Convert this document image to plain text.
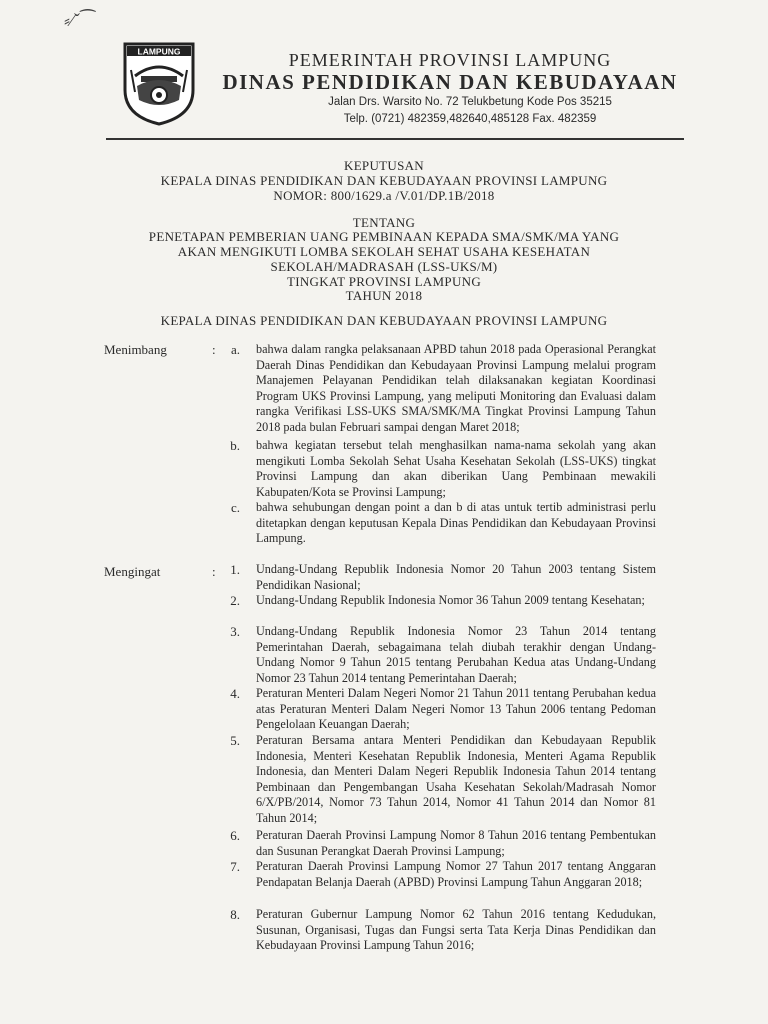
⸗ ⁄ ˇ ⁀
LAMPUNG	PEMERINTAH PROVINSI LAMPUNG
DINAS PENDIDIKAN DAN KEBUDAYAAN
Jalan Drs. Warsito No. 72 Telukbetung Kode Pos 35215
Telp. (0721) 482359,482640,485128 Fax. 482359
KEPUTUSAN
KEPALA DINAS PENDIDIKAN DAN KEBUDAYAAN PROVINSI LAMPUNG
NOMOR: 800/1629.a /V.01/DP.1B/2018
TENTANG
PENETAPAN PEMBERIAN UANG PEMBINAAN KEPADA SMA/SMK/MA YANG
AKAN MENGIKUTI LOMBA SEKOLAH SEHAT USAHA KESEHATAN
SEKOLAH/MADRASAH (LSS-UKS/M)
TINGKAT PROVINSI LAMPUNG
TAHUN 2018
KEPALA DINAS PENDIDIKAN DAN KEBUDAYAAN PROVINSI LAMPUNG
Menimbang	:	a. bahwa dalam rangka pelaksanaan APBD tahun 2018 pada Operasional Perangkat Daerah Dinas Pendidikan dan Kebudayaan Provinsi Lampung melalui program Manajemen Pelayanan Pendidikan telah dilaksanakan kegiatan Koordinasi Program UKS Provinsi Lampung, yang meliputi Monitoring dan Evaluasi dalam rangka Verifikasi LSS-UKS SMA/SMK/MA Tingkat Provinsi Lampung Tahun 2018 pada bulan Februari sampai dengan Maret 2018;
b. bahwa kegiatan tersebut telah menghasilkan nama-nama sekolah yang akan mengikuti Lomba Sekolah Sehat Usaha Kesehatan Sekolah (LSS-UKS) tingkat Provinsi Lampung dan akan diberikan Uang Pembinaan mewakili Kabupaten/Kota se Provinsi Lampung;
c. bahwa sehubungan dengan point a dan b di atas untuk tertib administrasi perlu ditetapkan dengan keputusan Kepala Dinas Pendidikan dan Kebudayaan Provinsi Lampung.
Mengingat	:	1. Undang-Undang Republik Indonesia Nomor 20 Tahun 2003 tentang Sistem Pendidikan Nasional;
2. Undang-Undang Republik Indonesia Nomor 36 Tahun 2009 tentang Kesehatan;
3. Undang-Undang Republik Indonesia Nomor 23 Tahun 2014 tentang Pemerintahan Daerah, sebagaimana telah diubah terakhir dengan Undang-Undang Nomor 9 Tahun 2015 tentang Perubahan Kedua atas Undang-Undang Nomor 23 Tahun 2014 tentang Pemerintahan Daerah;
4. Peraturan Menteri Dalam Negeri Nomor 21 Tahun 2011 tentang Perubahan kedua atas Peraturan Menteri Dalam Negeri Nomor 13 Tahun 2006 tentang Pedoman Pengelolaan Keuangan Daerah;
5. Peraturan Bersama antara Menteri Pendidikan dan Kebudayaan Republik Indonesia, Menteri Kesehatan Republik Indonesia, Menteri Agama Republik Indonesia, dan Menteri Dalam Negeri Republik Indonesia Tahun 2014 tentang Pembinaan dan Pengembangan Usaha Kesehatan Sekolah/Madrasah Nomor 6/X/PB/2014, Nomor 73 Tahun 2014, Nomor 41 Tahun 2014 dan Nomor 81 Tahun 2014;
6. Peraturan Daerah Provinsi Lampung Nomor 8 Tahun 2016 tentang Pembentukan dan Susunan Perangkat Daerah Provinsi Lampung;
7. Peraturan Daerah Provinsi Lampung Nomor 27 Tahun 2017 tentang Anggaran Pendapatan Belanja Daerah (APBD) Provinsi Lampung Tahun Anggaran 2018;
8. Peraturan Gubernur Lampung Nomor 62 Tahun 2016 tentang Kedudukan, Susunan, Organisasi, Tugas dan Fungsi serta Tata Kerja Dinas Pendidikan dan Kebudayaan Provinsi Lampung Tahun 2016;
